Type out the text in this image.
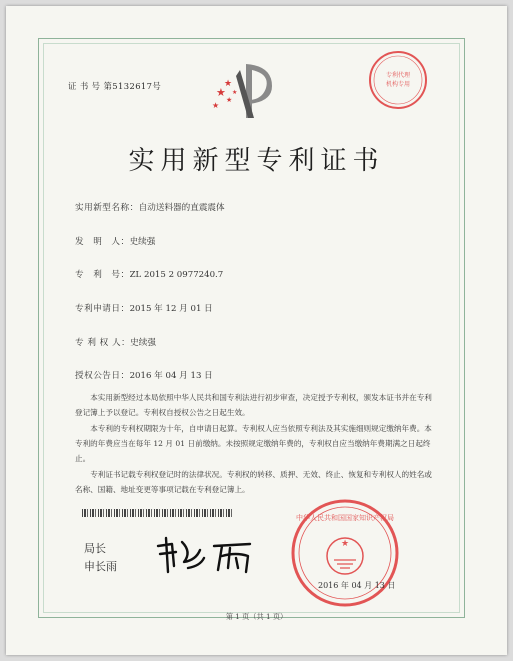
证 书 号 第5132617号	★
★
★
★
★
专利代理
机构专用
实用新型专利证书
实用新型名称：自动送料器的直震震体
发　明　人：史续强
专　利　号：ZL 2015 2 0977240.7
专利申请日：2015 年 12 月 01 日
专 利 权 人：史续强
授权公告日：2016 年 04 月 13 日
本实用新型经过本局依照中华人民共和国专利法进行初步审查，决定授予专利权，颁发本证书并在专利登记簿上予以登记。专利权自授权公告之日起生效。
本专利的专利权期限为十年，自申请日起算。专利权人应当依照专利法及其实施细则规定缴纳年费。本专利的年费应当在每年 12 月 01 日前缴纳。未按照规定缴纳年费的，专利权自应当缴纳年费期满之日起终止。
专利证书记载专利权登记时的法律状况。专利权的转移、质押、无效、终止、恢复和专利权人的姓名或名称、国籍、地址变更等事项记载在专利登记簿上。
局长
申长雨
★
中华人民共和国国家知识产权局
2016 年 04 月 13 日
第 1 页（共 1 页）
